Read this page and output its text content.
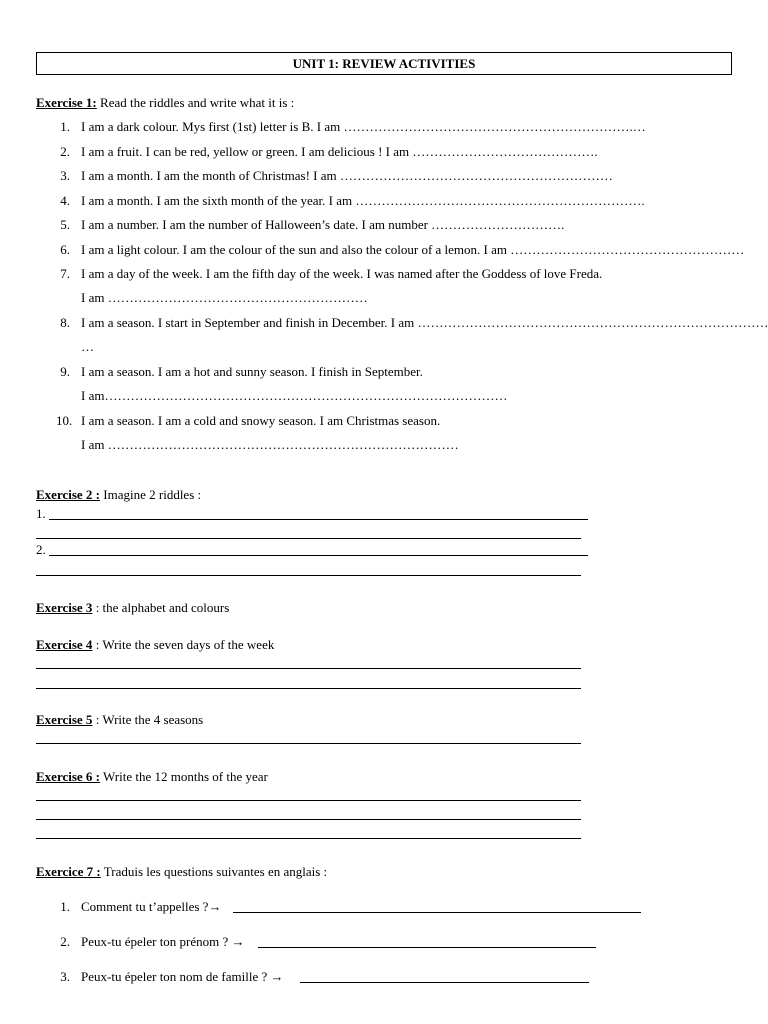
UNIT 1: REVIEW ACTIVITIES
Exercise 1: Read the riddles and write what it is :
1. I am a dark colour. Mys first (1st) letter is B. I am ………………………………………………………….…
2. I am a fruit. I can be red, yellow or green. I am delicious ! I am …………………………………….
3. I am a month. I am the month of Christmas! I am ………………………………………………………
4. I am a month. I am the sixth month of the year. I am ………………………………………………………….
5. I am a number. I am the number of Halloween’s date. I am number ………………………….
6. I am a light colour. I am the colour of the sun and also the colour of a lemon. I am ………………………………………………
7. I am a day of the week. I am the fifth day of the week. I was named after the Goddess of love Freda.
I am ……………………………………………………
8. I am a season. I start in September and finish in December. I am ………………………………………………………………………
…
9. I am a season. I am a hot and sunny season. I finish in September.
I am…………………………………………………………………………………
10. I am a season. I am a cold and snowy season. I am Christmas season.
I am ………………………………………………………………………
Exercise 2 : Imagine 2 riddles :
1.
2.
Exercise 3 : the alphabet and colours
Exercise 4 : Write the seven days of the week
Exercise 5 : Write the 4 seasons
Exercise 6 : Write the 12 months of the year
Exercice 7 : Traduis les questions suivantes en anglais :
1. Comment tu t’appelles ?→
2. Peux-tu épeler ton prénom ? →
3. Peux-tu épeler ton nom de famille ? →
